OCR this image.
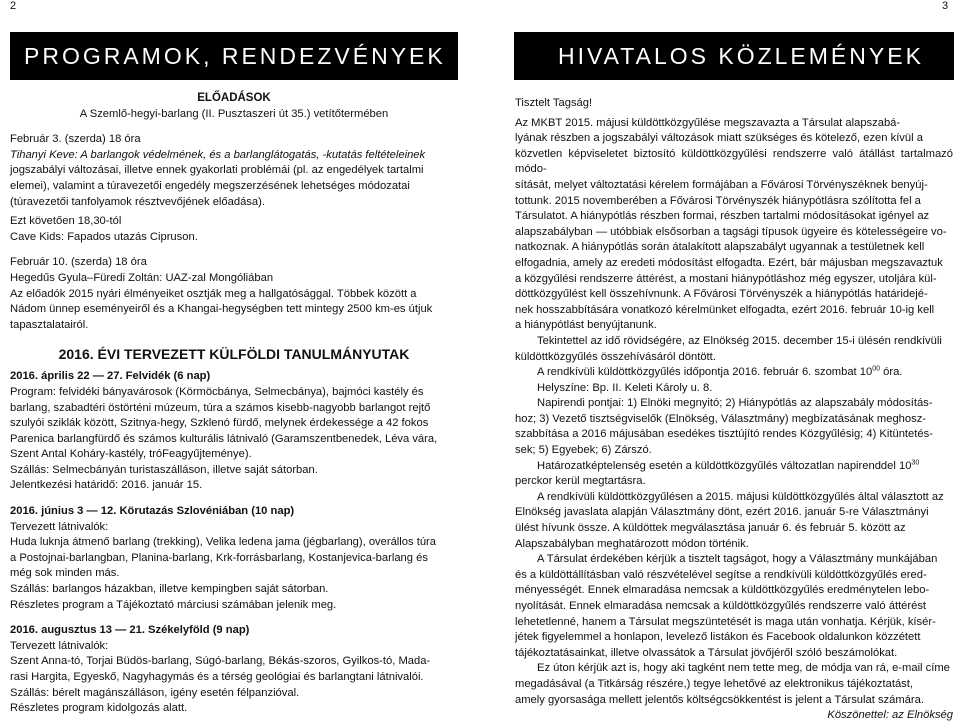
2	3
PROGRAMOK, RENDEZVÉNYEK	HIVATALOS KÖZLEMÉNYEK
ELŐADÁSOK
A Szemlő-hegyi-barlang (II. Pusztaszeri út 35.) vetítőtermében
Február 3. (szerda) 18 óra
Tihanyi Keve: A barlangok védelmének, és a barlanglátogatás, -kutatás feltételeinek
jogszabályi változásai, illetve ennek gyakorlati problémái (pl. az engedélyek tartalmi
elemei), valamint a túravezetői engedély megszerzésének lehetséges módozatai
(túravezetői tanfolyamok résztvevőjének előadása).
Ezt követően 18,30-tól
Cave Kids: Fapados utazás Cipruson.
Február 10. (szerda) 18 óra
Hegedűs Gyula–Füredi Zoltán: UAZ-zal Mongóliában
Az előadók 2015 nyári élményeiket osztják meg a hallgatósággal. Többek között a
Nádom ünnep eseményeiről és a Khangai-hegységben tett mintegy 2500 km-es útjuk
tapasztalatairól.
2016. ÉVI TERVEZETT KÜLFÖLDI TANULMÁNYUTAK
2016. április 22 — 27. Felvidék (6 nap)
Program: felvidéki bányavárosok (Körmöcbánya, Selmecbánya), bajmóci kastély és
barlang, szabadtéri östörténi múzeum, túra a számos kisebb-nagyobb barlangot rejtő
szulyói sziklák között, Szitnya-hegy, Szklenó fürdő, melynek érdekessége a 42 fokos
Parenica barlangfürdő és számos kulturális látnivaló (Garamszentbenedek, Léva vára,
Szent Antal Koháry-kastély, tróFeagyűjteménye).
Szállás: Selmecbányán turistaszálláson, illetve saját sátorban.
Jelentkezési határidő: 2016. január 15.
2016. június 3 — 12. Körutazás Szlovéniában (10 nap)
Tervezett látnivalók:
Huda luknja átmenő barlang (trekking), Velika ledena jama (jégbarlang), overállos túra
a Postojnai-barlangban, Planina-barlang, Krk-forrásbarlang, Kostanjevica-barlang és
még sok minden más.
Szállás: barlangos házakban, illetve kempingben saját sátorban.
Részletes program a Tájékoztató márciusi számában jelenik meg.
2016. augusztus 13 — 21. Székelyföld (9 nap)
Tervezett látnivalók:
Szent Anna-tó, Torjai Büdös-barlang, Súgó-barlang, Békás-szoros, Gyilkos-tó, Mada-
rasi Hargita, Egyeskő, Nagyhagymás és a térség geológiai és barlangtani látnivalói.
Szállás: bérelt magánszálláson, igény esetén félpanzióval.
Részletes program kidolgozás alatt.
Tisztelt Tagság!
Az MKBT 2015. májusi küldöttközgyűlése megszavazta a Társulat alapszabá-
lyának részben a jogszabályi változások miatt szükséges és kötelező, ezen kívül a
közvetlen képviseletet biztosító küldöttközgyűlési rendszerre való átállást tartalmazó módo-
sítását, melyet változtatási kérelem formájában a Fővárosi Törvényszéknek benyúj-
tottunk. 2015 novemberében a Fővárosi Törvényszék hiánypótlásra szólította fel a
Társulatot. A hiánypótlás részben formai, részben tartalmi módosításokat igényel az
alapszabályban — utóbbiak elsősorban a tagsági típusok ügyeire és kötelességeire vo-
natkoznak. A hiánypótlás során átalakított alapszabályt ugyannak a testületnek kell
elfogadnia, amely az eredeti módosítást elfogadta. Ezért, bár májusban megszavaztuk
a közgyűlési rendszerre áttérést, a mostani hiánypótláshoz még egyszer, utoljára kül-
döttközgyűlést kell összehívnunk. A Fővárosi Törvényszék a hiánypótlás határidejé-
nek hosszabbítására vonatkozó kérelmünket elfogadta, ezért 2016. február 10-ig kell
a hiánypótlást benyújtanunk.
Tekintettel az idő rövidségére, az Elnökség 2015. december 15-i ülésén rendkívüli
küldöttközgyűlés összehívásáról döntött.
A rendkívüli küldöttközgyűlés időpontja 2016. február 6. szombat $10^{00}$ óra.
Helyszíne: Bp. II. Keleti Károly u. 8.
Napirendi pontjai: 1) Elnöki megnyitó; 2) Hiánypótlás az alapszabály módosítás-
hoz; 3) Vezető tisztségviselők (Elnökség, Választmány) megbízatásának meghosz-
szabbítása a 2016 májusában esedékes tisztújító rendes Közgyűlésig; 4) Kitüntetés-
sek; 5) Egyebek; 6) Zárszó.
Határozatképtelenség esetén a küldöttközgyűlés változatlan napirenddel $10^{30}$
perckor kerül megtartásra.
A rendkívüli küldöttközgyűlésen a 2015. májusi küldöttközgyűlés által választott az
Elnökség javaslata alapján Választmány dönt, ezért 2016. január 5-re Választmányi
ülést hívunk össze. A küldöttek megválasztása január 6. és február 5. között az
Alapszabályban meghatározott módon történik.
A Társulat érdekében kérjük a tisztelt tagságot, hogy a Választmány munkájában
és a küldöttállításban való részvételével segítse a rendkívüli küldöttközgyűlés ered-
ményességét. Ennek elmaradása nemcsak a küldöttközgyűlés eredménytelen lebo-
nyolítását. Ennek elmaradása nemcsak a küldöttközgyűlés rendszerre való áttérést
lehetetlenné, hanem a Társulat megszüntetését is maga után vonhatja. Kérjük, kísér-
jétek figyelemmel a honlapon, levelező listákon és Facebook oldalunkon közzétett
tájékoztatásainkat, illetve olvassátok a Társulat jövőjéről szóló beszámolókat.
Ez úton kérjük azt is, hogy aki tagként nem tette meg, de módja van rá, e-mail címe
megadásával (a Titkárság részére,) tegye lehetővé az elektronikus tájékoztatást,
amely gyorsasága mellett jelentős költségcsökkentést is jelent a Társulat számára.
Köszönettel: az Elnökség
